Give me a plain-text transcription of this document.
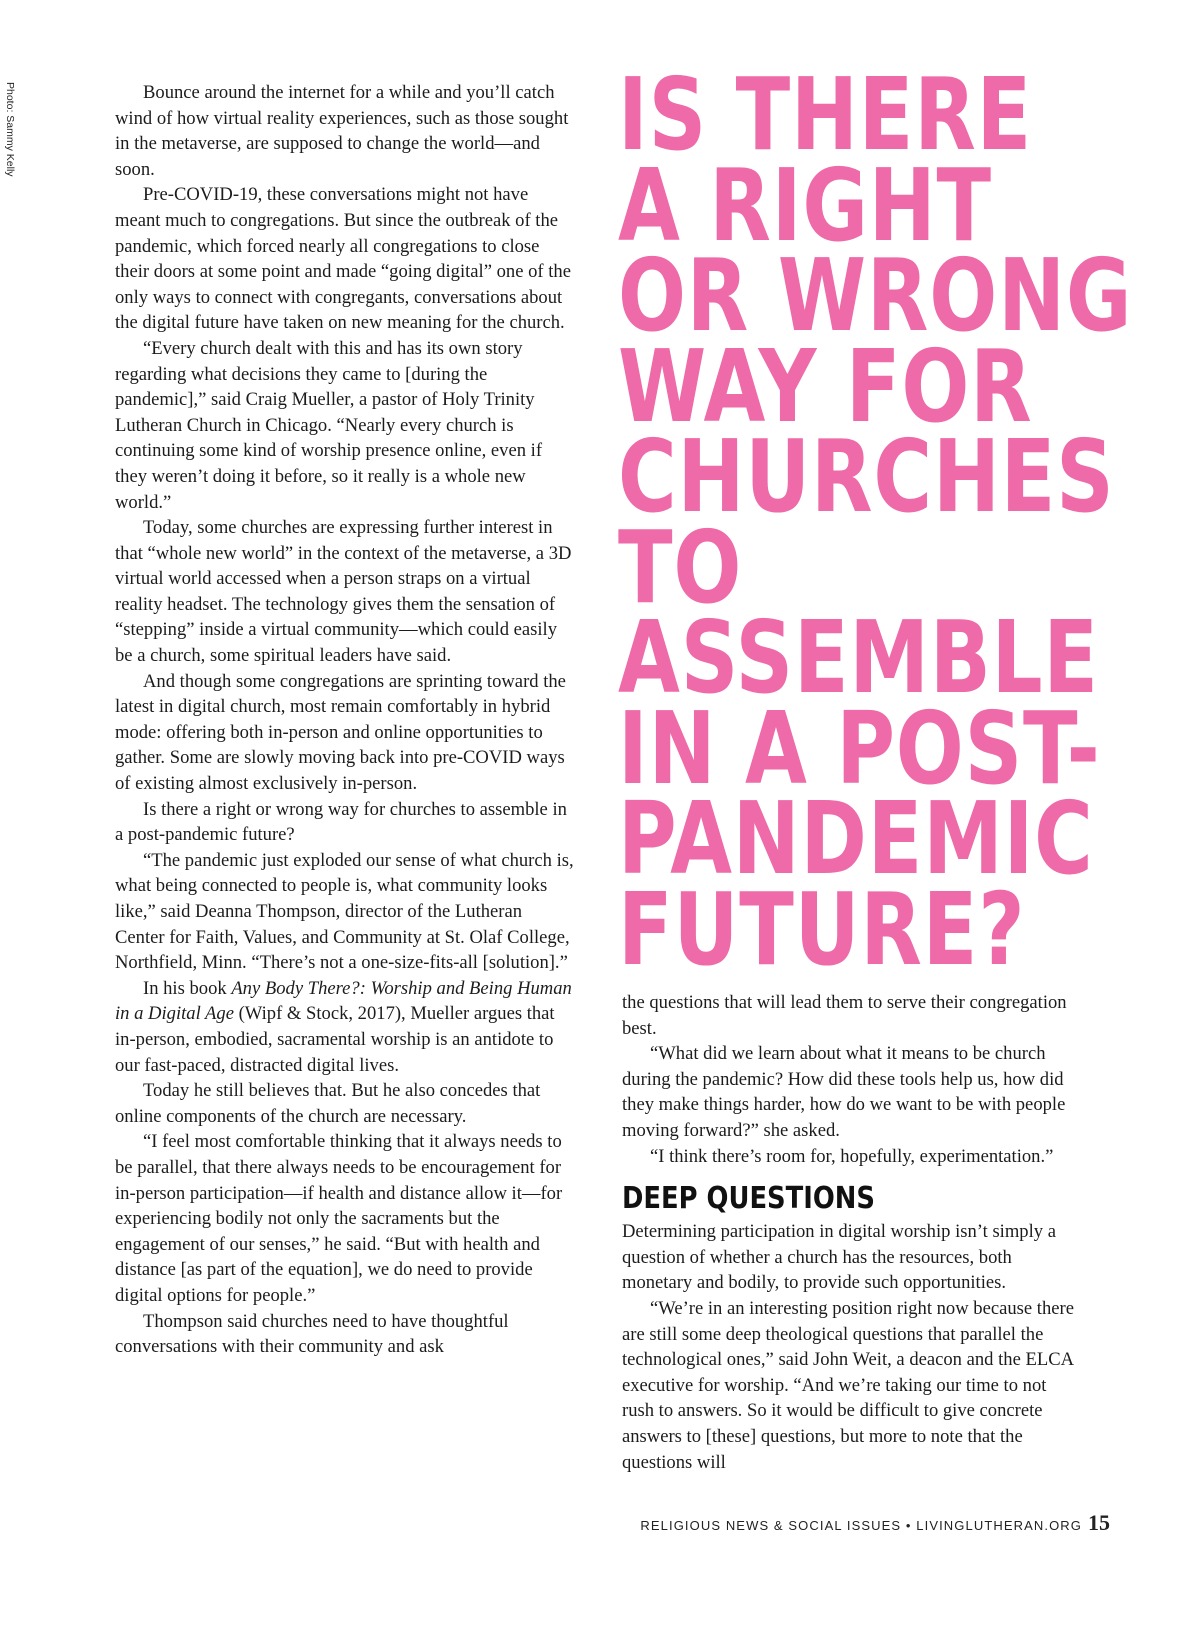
Photo: Sammy Kelly	Bounce around the internet for a while and you’ll catch wind of how virtual reality experiences, such as those sought in the metaverse, are supposed to change the world—and soon.

Pre-COVID-19, these conversations might not have meant much to congregations. But since the outbreak of the pandemic, which forced nearly all congregations to close their doors at some point and made “going digital” one of the only ways to connect with congregants, conversations about the digital future have taken on new meaning for the church.

“Every church dealt with this and has its own story regarding what decisions they came to [during the pandemic],” said Craig Mueller, a pastor of Holy Trinity Lutheran Church in Chicago. “Nearly every church is continuing some kind of worship presence online, even if they weren’t doing it before, so it really is a whole new world.”

Today, some churches are expressing further interest in that “whole new world” in the context of the metaverse, a 3D virtual world accessed when a person straps on a virtual reality headset. The technology gives them the sensation of “stepping” inside a virtual community—which could easily be a church, some spiritual leaders have said.

And though some congregations are sprinting toward the latest in digital church, most remain comfortably in hybrid mode: offering both in-person and online opportunities to gather. Some are slowly moving back into pre-COVID ways of existing almost exclusively in-person.

Is there a right or wrong way for churches to assemble in a post-pandemic future?

“The pandemic just exploded our sense of what church is, what being connected to people is, what community looks like,” said Deanna Thompson, director of the Lutheran Center for Faith, Values, and Community at St. Olaf College, Northfield, Minn. “There’s not a one-size-fits-all [solution].”

In his book Any Body There?: Worship and Being Human in a Digital Age (Wipf & Stock, 2017), Mueller argues that in-person, embodied, sacramental worship is an antidote to our fast-paced, distracted digital lives.

Today he still believes that. But he also concedes that online components of the church are necessary.

“I feel most comfortable thinking that it always needs to be parallel, that there always needs to be encouragement for in-person participation—if health and distance allow it—for experiencing bodily not only the sacraments but the engagement of our senses,” he said. “But with health and distance [as part of the equation], we do need to provide digital options for people.”

Thompson said churches need to have thoughtful conversations with their community and ask

IS THERE
A RIGHT
OR WRONG
WAY FOR
CHURCHES
TO
ASSEMBLE
IN A POST-
PANDEMIC
FUTURE?

the questions that will lead them to serve their congregation best.

“What did we learn about what it means to be church during the pandemic? How did these tools help us, how did they make things harder, how do we want to be with people moving forward?” she asked.

“I think there’s room for, hopefully, experimentation.”

DEEP QUESTIONS

Determining participation in digital worship isn’t simply a question of whether a church has the resources, both monetary and bodily, to provide such opportunities.

“We’re in an interesting position right now because there are still some deep theological questions that parallel the technological ones,” said John Weit, a deacon and the ELCA executive for worship. “And we’re taking our time to not rush to answers. So it would be difficult to give concrete answers to [these] questions, but more to note that the questions will

RELIGIOUS NEWS & SOCIAL ISSUES • LIVINGLUTHERAN.ORG 15
